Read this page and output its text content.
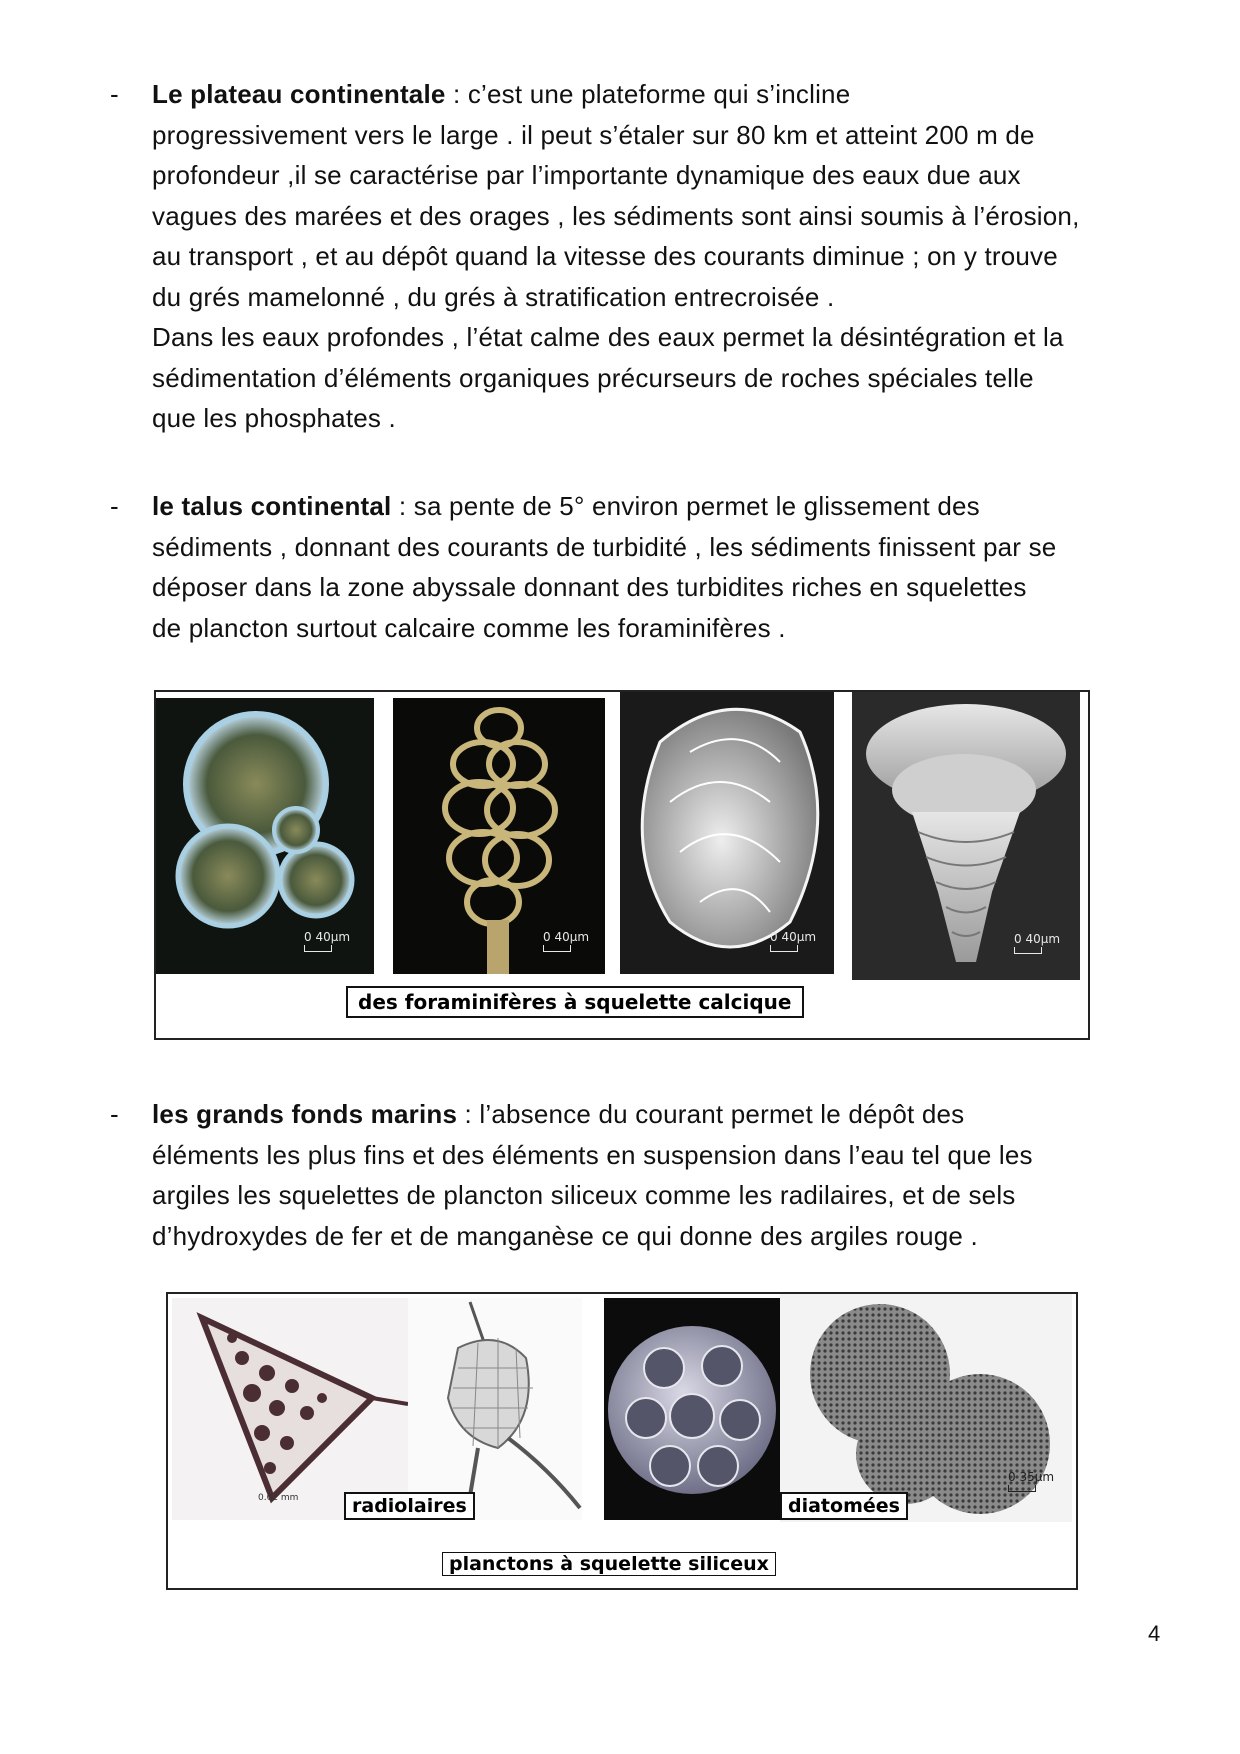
- Le plateau continentale : c’est une plateforme qui s’incline
progressivement vers le large . il peut s’étaler sur 80 km et atteint 200 m de
profondeur ,il se caractérise par l’importante dynamique des eaux due aux
vagues des marées et des orages , les sédiments sont ainsi soumis à l’érosion,
au transport , et au dépôt quand la vitesse des courants diminue ; on y trouve
du grés mamelonné , du grés à stratification entrecroisée .
Dans les eaux profondes , l’état calme des eaux permet la désintégration et la
sédimentation d’éléments organiques précurseurs de roches spéciales telle
que les phosphates .
- le talus continental : sa pente de 5° environ permet le glissement des
sédiments , donnant des courants de turbidité , les sédiments finissent par se
déposer dans la zone abyssale donnant des turbidites riches en squelettes
de plancton surtout calcaire comme les foraminifères .
0 40µm	0 40µm	0 40µm	0 40µm
des foraminifères à squelette calcique
- les grands fonds marins : l’absence du courant permet le dépôt des
éléments les plus fins et des éléments en suspension dans l’eau tel que les
argiles les squelettes de plancton siliceux comme les radilaires, et de sels
d’hydroxydes de fer et de manganèse ce qui donne des argiles rouge .
0.02 mm
0 35µm
radiolaires	diatomées
planctons à squelette siliceux
4
